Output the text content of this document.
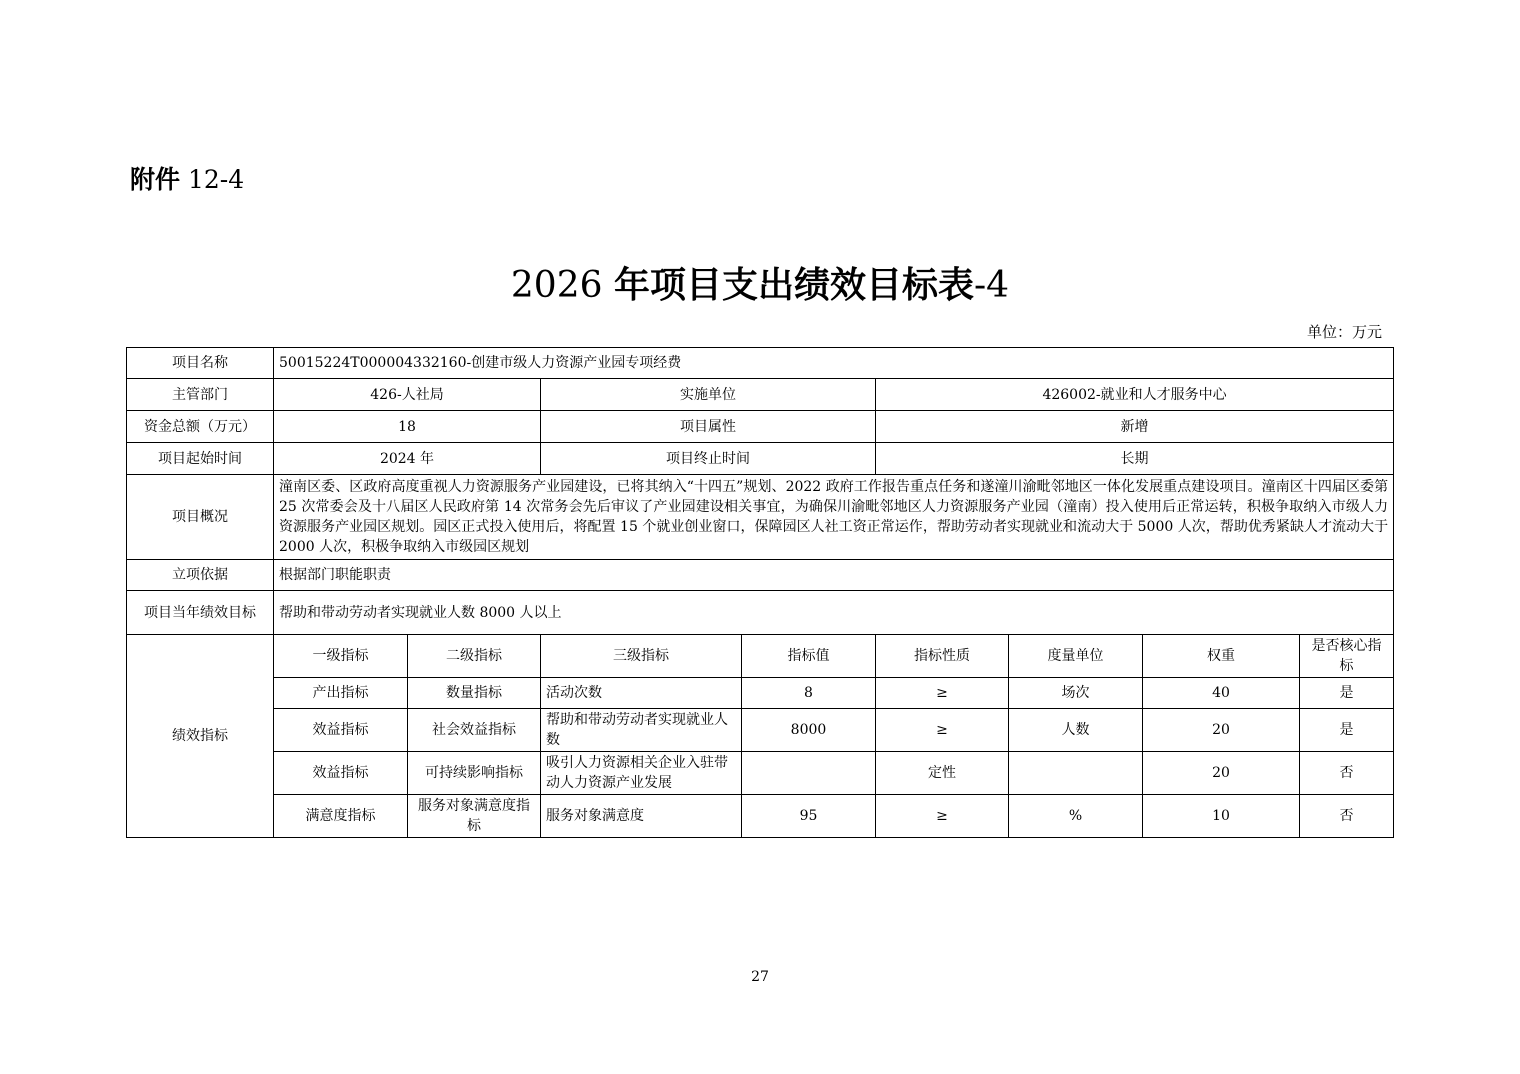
附件 12-4
2026 年项目支出绩效目标表-4
单位：万元
项目名称	50015224T000004332160-创建市级人力资源产业园专项经费							
主管部门	426-人社局		实施单位		426002-就业和人才服务中心			
资金总额（万元）	18		项目属性		新增			
项目起始时间	2024 年		项目终止时间		长期			
项目概况	潼南区委、区政府高度重视人力资源服务产业园建设，已将其纳入“十四五”规划、2022 政府工作报告重点任务和遂潼川渝毗邻地区一体化发展重点建设项目。潼南区十四届区委第 25 次常委会及十八届区人民政府第 14 次常务会先后审议了产业园建设相关事宜，为确保川渝毗邻地区人力资源服务产业园（潼南）投入使用后正常运转，积极争取纳入市级人力资源服务产业园区规划。园区正式投入使用后，将配置 15 个就业创业窗口，保障园区人社工资正常运作，帮助劳动者实现就业和流动大于 5000 人次，帮助优秀紧缺人才流动大于 2000 人次，积极争取纳入市级园区规划							
立项依据	根据部门职能职责							
项目当年绩效目标	帮助和带动劳动者实现就业人数 8000 人以上							
绩效指标	一级指标	二级指标	三级指标	指标值	指标性质	度量单位	权重	是否核心指标
	产出指标	数量指标	活动次数	8	≥	场次	40	是
	效益指标	社会效益指标	帮助和带动劳动者实现就业人数	8000	≥	人数	20	是
	效益指标	可持续影响指标	吸引人力资源相关企业入驻带动人力资源产业发展		定性		20	否
	满意度指标	服务对象满意度指标	服务对象满意度	95	≥	%	10	否
27
